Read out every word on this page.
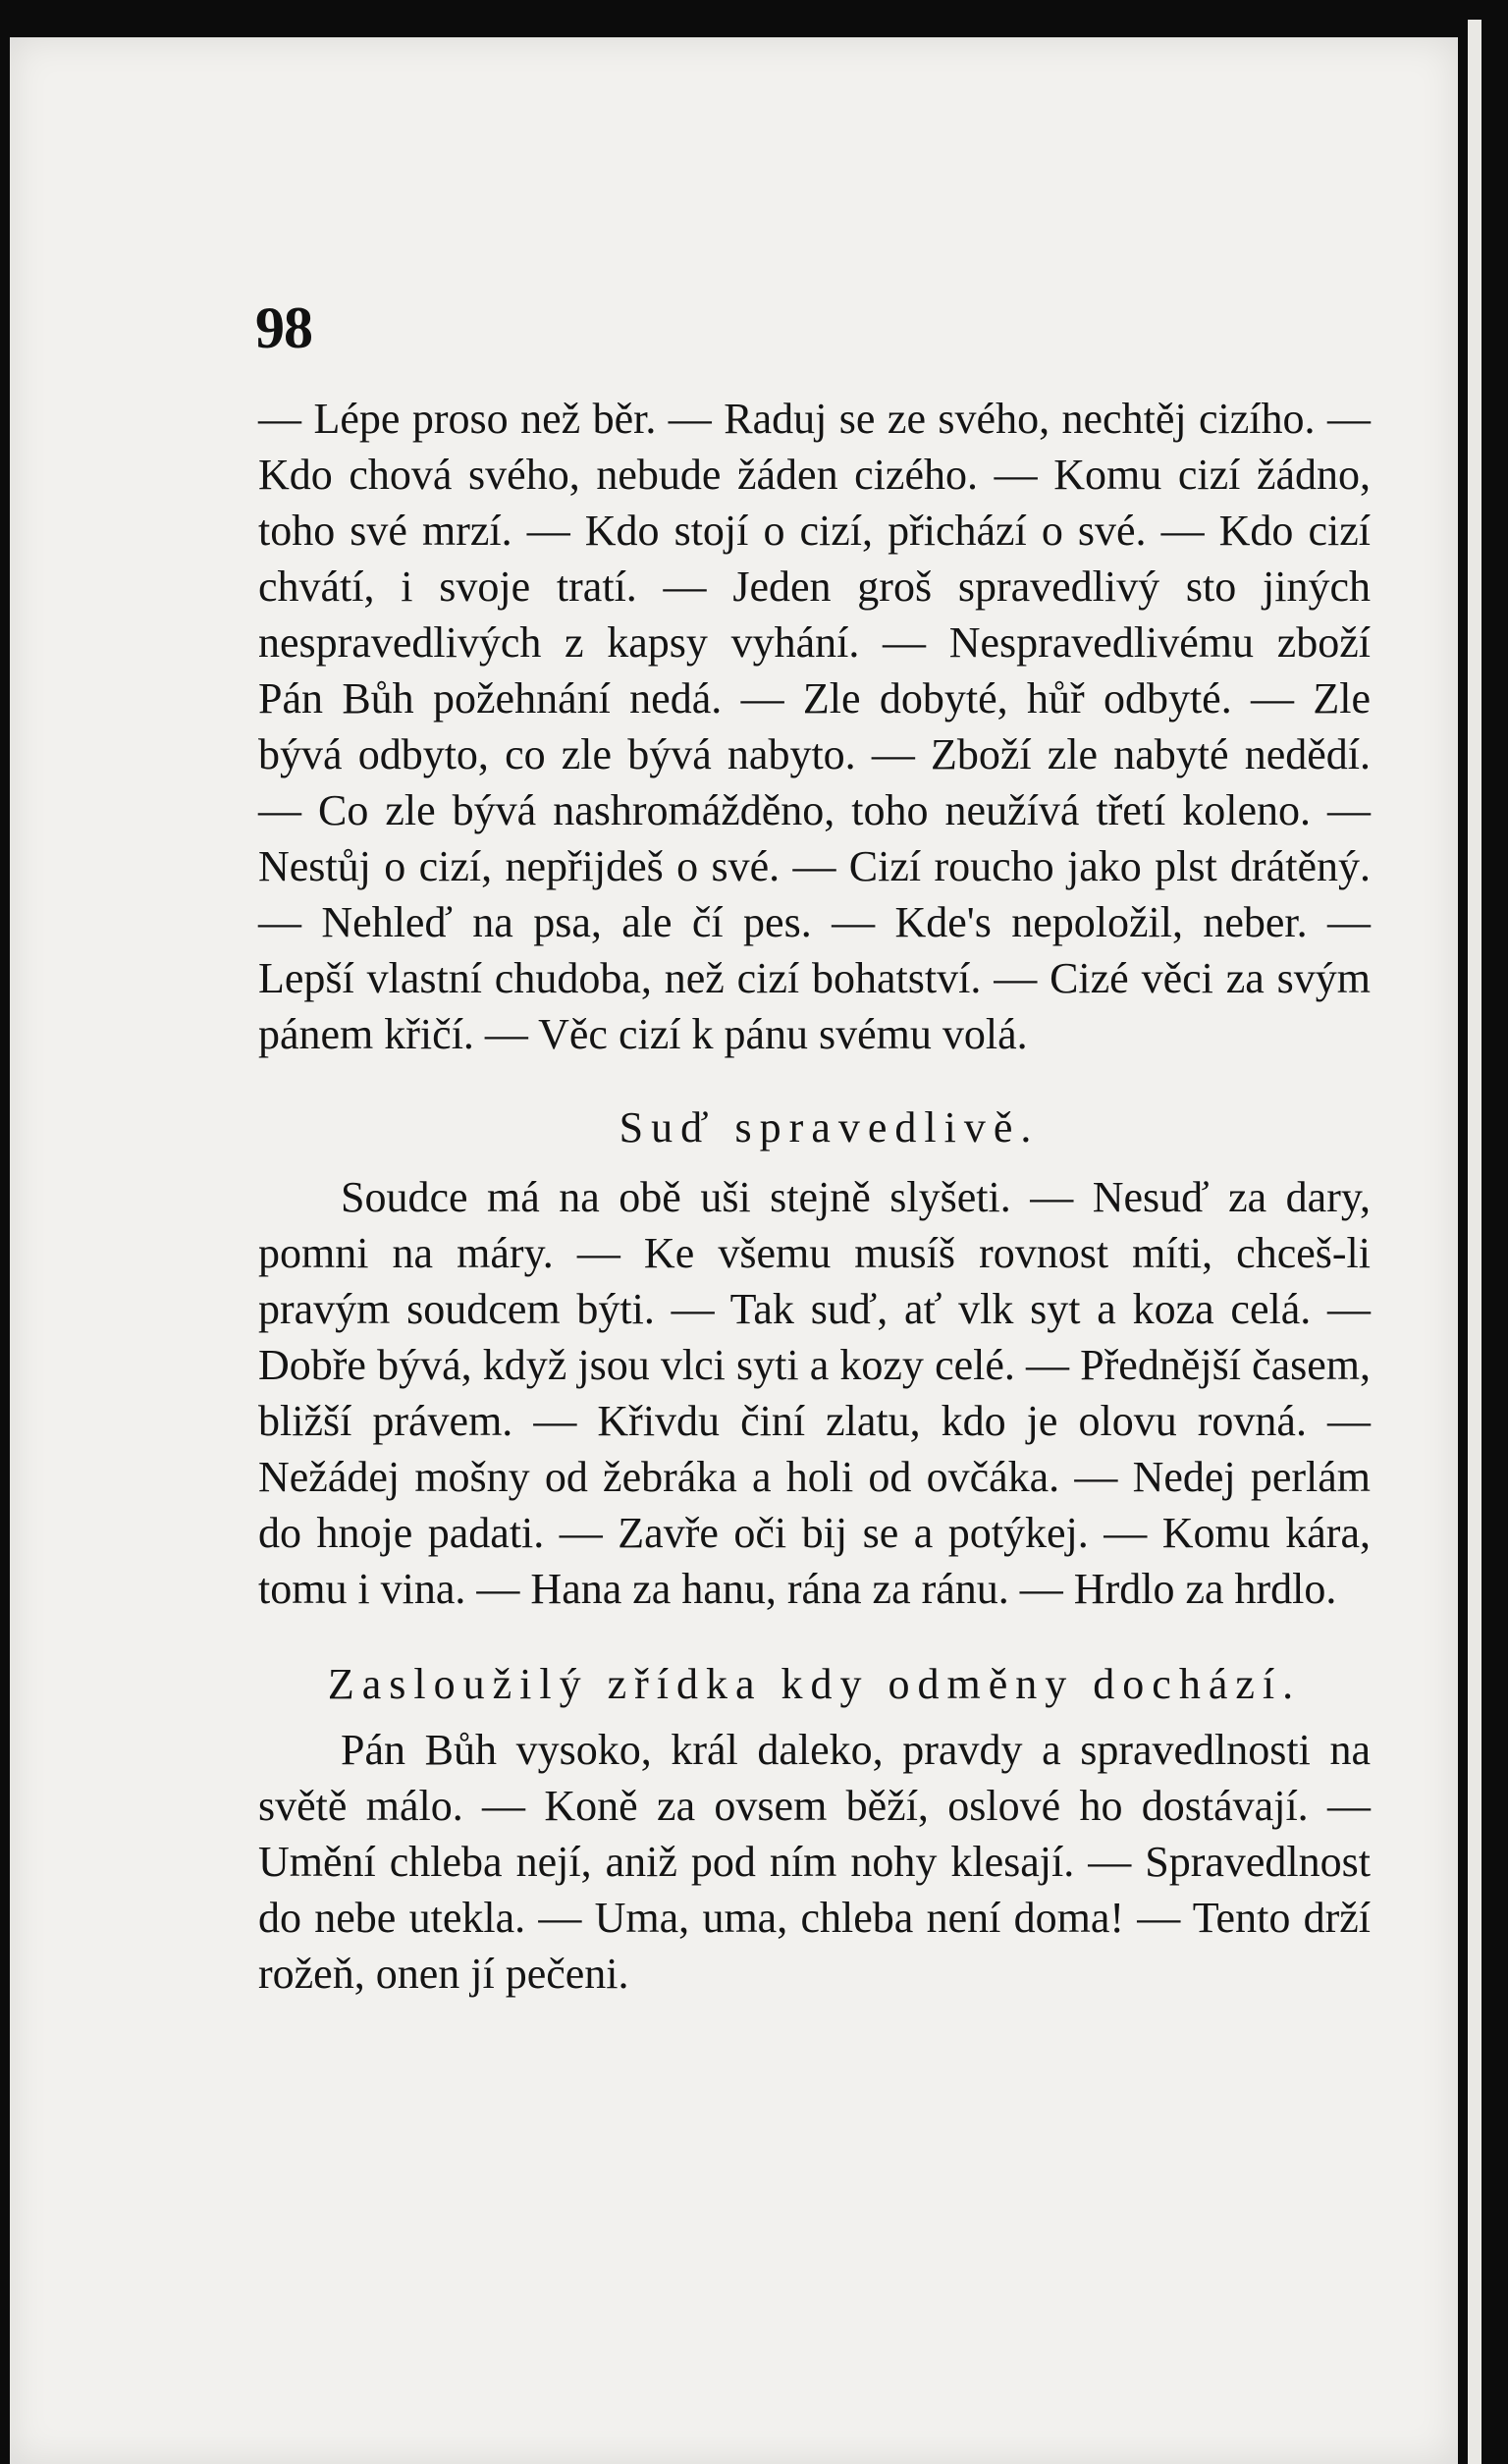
98

— Lépe proso než běr. — Raduj se ze svého, nechtěj cizího. — Kdo chová svého, nebude žáden cizého. — Komu cizí žádno, toho své mrzí. — Kdo stojí o cizí, přichází o své. — Kdo cizí chvátí, i svoje tratí. — Jeden groš spravedlivý sto jiných nespravedlivých z kapsy vyhání. — Nespravedlivému zboží Pán Bůh požehnání nedá. — Zle dobyté, hůř odbyté. — Zle bývá odbyto, co zle bývá nabyto. — Zboží zle nabyté nedědí. — Co zle bývá nashromážděno, toho neužívá třetí koleno. — Nestůj o cizí, nepřijdeš o své. — Cizí roucho jako plst drátěný. — Nehleď na psa, ale čí pes. — Kde's nepoložil, neber. — Lepší vlastní chudoba, než cizí bohatství. — Cizé věci za svým pánem křičí. — Věc cizí k pánu svému volá.

Suď spravedlivě.

Soudce má na obě uši stejně slyšeti. — Nesuď za dary, pomni na máry. — Ke všemu musíš rovnost míti, chceš-li pravým soudcem býti. — Tak suď, ať vlk syt a koza celá. — Dobře bývá, když jsou vlci syti a kozy celé. — Přednější časem, bližší právem. — Křivdu činí zlatu, kdo je olovu rovná. — Nežádej mošny od žebráka a holi od ovčáka. — Nedej perlám do hnoje padati. — Zavře oči bij se a potýkej. — Komu kára, tomu i vina. — Hana za hanu, rána za ránu. — Hrdlo za hrdlo.

Zasloužilý zřídka kdy odměny dochází.

Pán Bůh vysoko, král daleko, pravdy a spravedlnosti na světě málo. — Koně za ovsem běží, oslové ho dostávají. — Umění chleba nejí, aniž pod ním nohy klesají. — Spravedlnost do nebe utekla. — Uma, uma, chleba není doma! — Tento drží rožeň, onen jí pečeni.
